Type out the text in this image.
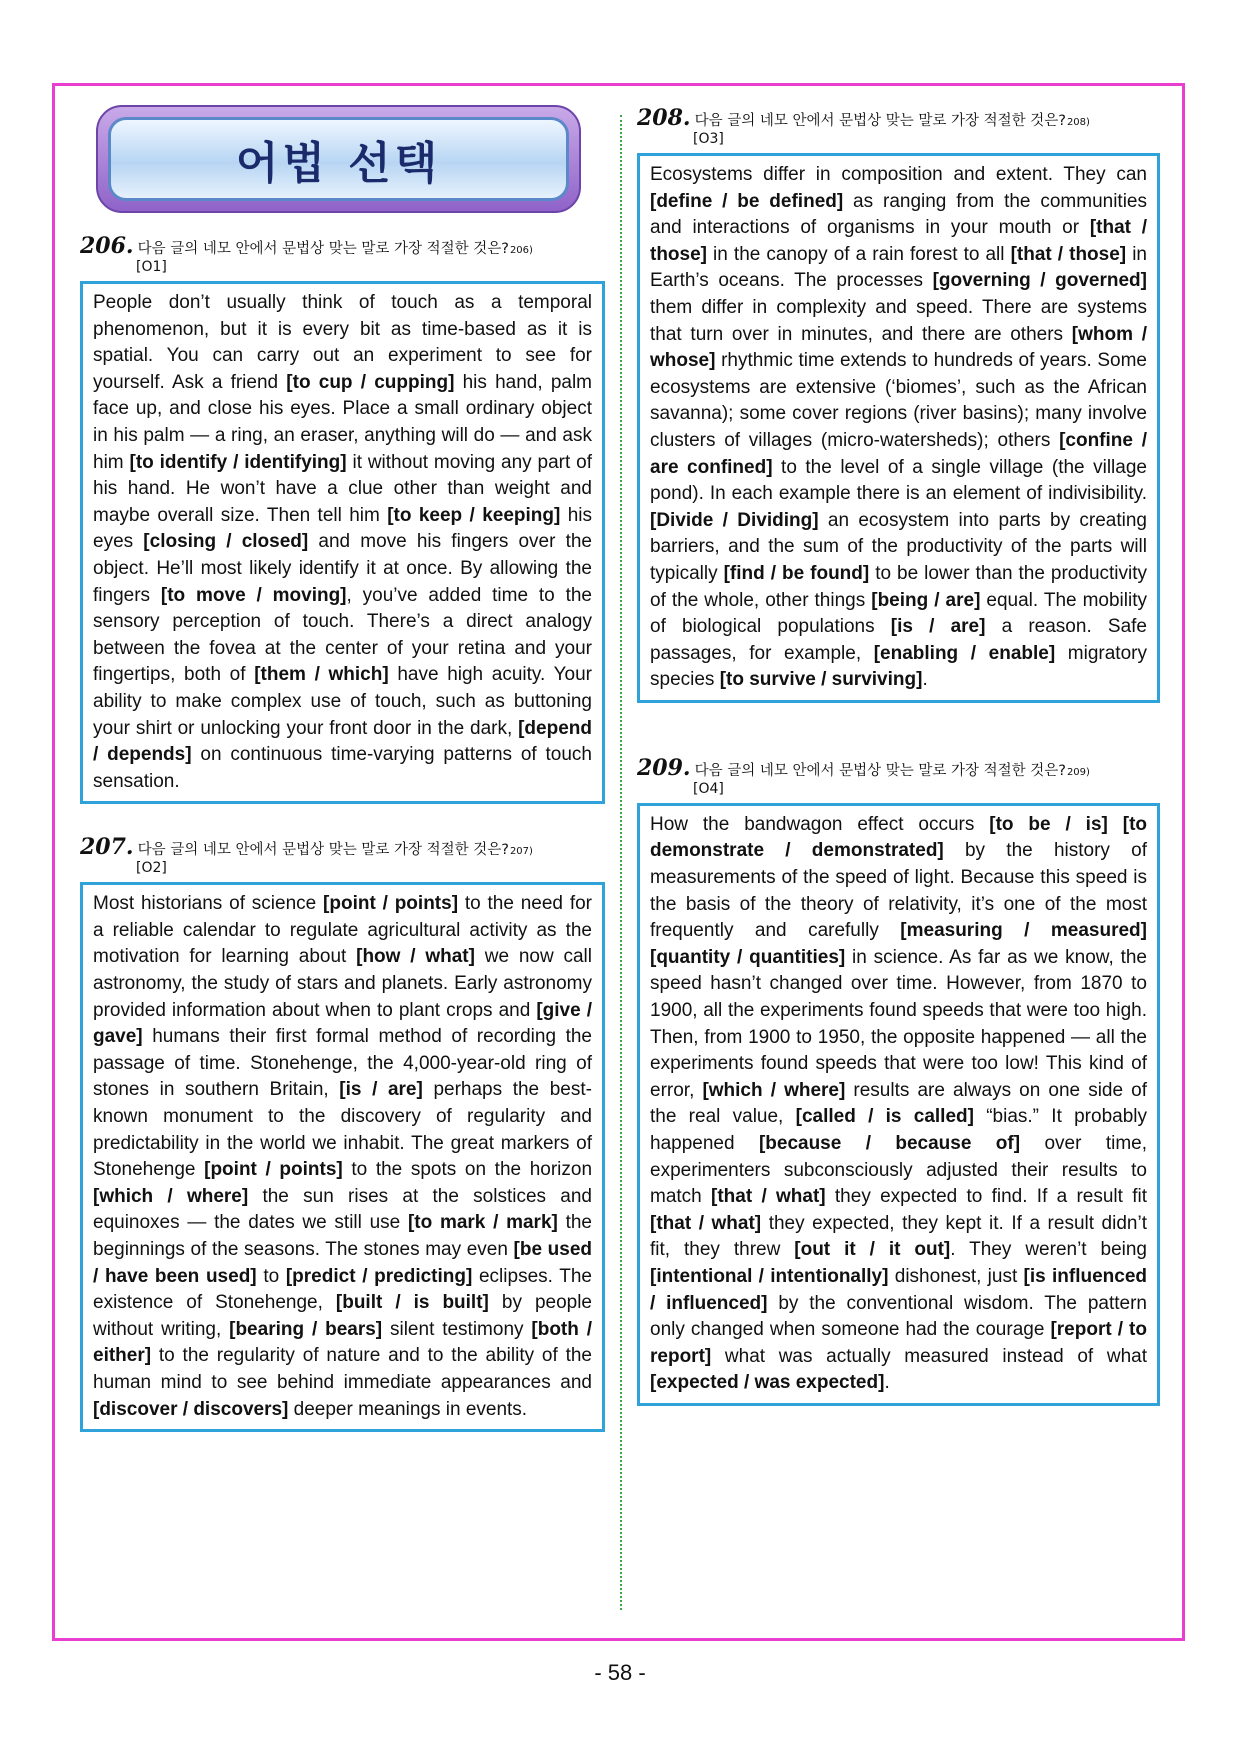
어법 선택
206. 다음 글의 네모 안에서 문법상 맞는 말로 가장 적절한 것은? 206)
[O1]
People don’t usually think of touch as a temporal phenomenon, but it is every bit as time-based as it is spatial. You can carry out an experiment to see for yourself. Ask a friend [to cup / cupping] his hand, palm face up, and close his eyes. Place a small ordinary object in his palm — a ring, an eraser, anything will do — and ask him [to identify / identifying] it without moving any part of his hand. He won’t have a clue other than weight and maybe overall size. Then tell him [to keep / keeping] his eyes [closing / closed] and move his fingers over the object. He’ll most likely identify it at once. By allowing the fingers [to move / moving], you’ve added time to the sensory perception of touch. There’s a direct analogy between the fovea at the center of your retina and your fingertips, both of [them / which] have high acuity. Your ability to make complex use of touch, such as buttoning your shirt or unlocking your front door in the dark, [depend / depends] on continuous time-varying patterns of touch sensation.
207. 다음 글의 네모 안에서 문법상 맞는 말로 가장 적절한 것은? 207)
[O2]
Most historians of science [point / points] to the need for a reliable calendar to regulate agricultural activity as the motivation for learning about [how / what] we now call astronomy, the study of stars and planets. Early astronomy provided information about when to plant crops and [give / gave] humans their first formal method of recording the passage of time. Stonehenge, the 4,000-year-old ring of stones in southern Britain, [is / are] perhaps the best-known monument to the discovery of regularity and predictability in the world we inhabit. The great markers of Stonehenge [point / points] to the spots on the horizon [which / where] the sun rises at the solstices and equinoxes — the dates we still use [to mark / mark] the beginnings of the seasons. The stones may even [be used / have been used] to [predict / predicting] eclipses. The existence of Stonehenge, [built / is built] by people without writing, [bearing / bears] silent testimony [both / either] to the regularity of nature and to the ability of the human mind to see behind immediate appearances and [discover / discovers] deeper meanings in events.
208. 다음 글의 네모 안에서 문법상 맞는 말로 가장 적절한 것은? 208)
[O3]
Ecosystems differ in composition and extent. They can [define / be defined] as ranging from the communities and interactions of organisms in your mouth or [that / those] in the canopy of a rain forest to all [that / those] in Earth’s oceans. The processes [governing / governed] them differ in complexity and speed. There are systems that turn over in minutes, and there are others [whom / whose] rhythmic time extends to hundreds of years. Some ecosystems are extensive (‘biomes’, such as the African savanna); some cover regions (river basins); many involve clusters of villages (micro-watersheds); others [confine / are confined] to the level of a single village (the village pond). In each example there is an element of indivisibility. [Divide / Dividing] an ecosystem into parts by creating barriers, and the sum of the productivity of the parts will typically [find / be found] to be lower than the productivity of the whole, other things [being / are] equal. The mobility of biological populations [is / are] a reason. Safe passages, for example, [enabling / enable] migratory species [to survive / surviving].
209. 다음 글의 네모 안에서 문법상 맞는 말로 가장 적절한 것은? 209)
[O4]
How the bandwagon effect occurs [to be / is] [to demonstrate / demonstrated] by the history of measurements of the speed of light. Because this speed is the basis of the theory of relativity, it’s one of the most frequently and carefully [measuring / measured] [quantity / quantities] in science. As far as we know, the speed hasn’t changed over time. However, from 1870 to 1900, all the experiments found speeds that were too high. Then, from 1900 to 1950, the opposite happened — all the experiments found speeds that were too low! This kind of error, [which / where] results are always on one side of the real value, [called / is called] “bias.” It probably happened [because / because of] over time, experimenters subconsciously adjusted their results to match [that / what] they expected to find. If a result fit [that / what] they expected, they kept it. If a result didn’t fit, they threw [out it / it out]. They weren’t being [intentional / intentionally] dishonest, just [is influenced / influenced] by the conventional wisdom. The pattern only changed when someone had the courage [report / to report] what was actually measured instead of what [expected / was expected].
- 58 -
